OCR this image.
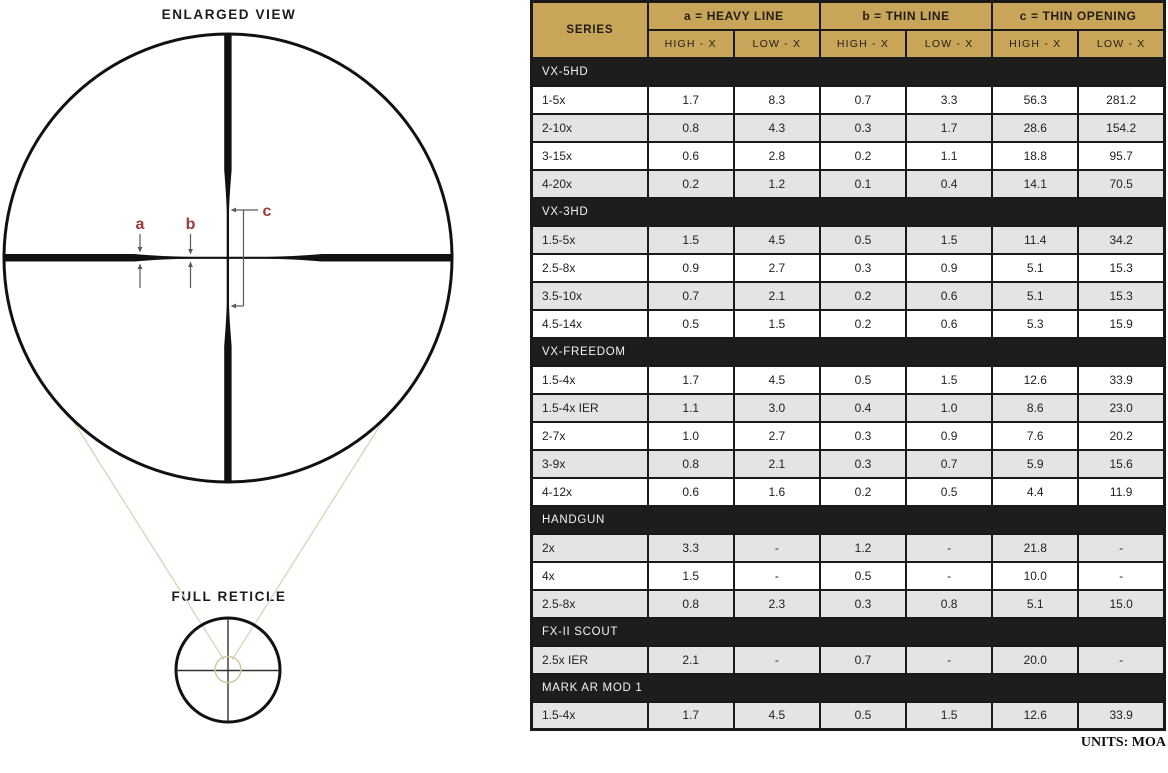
ENLARGED VIEW
FULL RETICLE
a	b
c
SERIES	a = HEAVY LINE		b = THIN LINE		c = THIN OPENING	
	HIGH - X	LOW - X	HIGH - X	LOW - X	HIGH - X	LOW - X
VX-5HD						
1-5x	1.7	8.3	0.7	3.3	56.3	281.2
2-10x	0.8	4.3	0.3	1.7	28.6	154.2
3-15x	0.6	2.8	0.2	1.1	18.8	95.7
4-20x	0.2	1.2	0.1	0.4	14.1	70.5
VX-3HD						
1.5-5x	1.5	4.5	0.5	1.5	11.4	34.2
2.5-8x	0.9	2.7	0.3	0.9	5.1	15.3
3.5-10x	0.7	2.1	0.2	0.6	5.1	15.3
4.5-14x	0.5	1.5	0.2	0.6	5.3	15.9
VX-FREEDOM						
1.5-4x	1.7	4.5	0.5	1.5	12.6	33.9
1.5-4x IER	1.1	3.0	0.4	1.0	8.6	23.0
2-7x	1.0	2.7	0.3	0.9	7.6	20.2
3-9x	0.8	2.1	0.3	0.7	5.9	15.6
4-12x	0.6	1.6	0.2	0.5	4.4	11.9
HANDGUN						
2x	3.3	-	1.2	-	21.8	-
4x	1.5	-	0.5	-	10.0	-
2.5-8x	0.8	2.3	0.3	0.8	5.1	15.0
FX-II SCOUT						
2.5x IER	2.1	-	0.7	-	20.0	-
MARK AR MOD 1						
1.5-4x	1.7	4.5	0.5	1.5	12.6	33.9
UNITS: MOA
